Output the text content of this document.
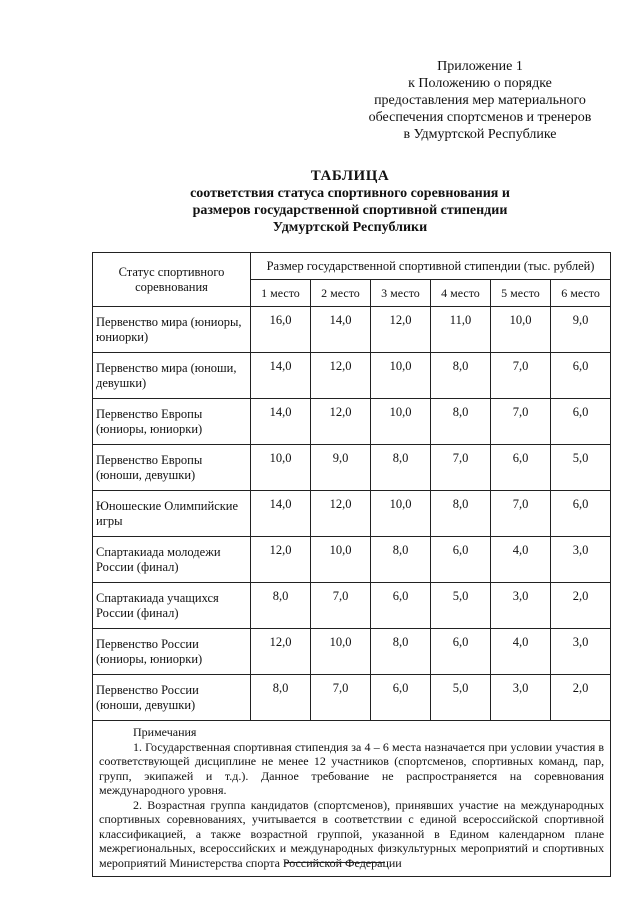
Приложение 1
к Положению о порядке
предоставления мер материального
обеспечения спортсменов и тренеров
в Удмуртской Республике
ТАБЛИЦА
соответствия статуса спортивного соревнования и
размеров государственной спортивной стипендии
Удмуртской Республики
Статус спортивного соревнования	Размер государственной спортивной стипендии (тыс. рублей)					
	1 место	2 место	3 место	4 место	5 место	6 место
Первенство мира (юниоры, юниорки)	16,0	14,0	12,0	11,0	10,0	9,0
Первенство мира (юноши, девушки)	14,0	12,0	10,0	8,0	7,0	6,0
Первенство Европы (юниоры, юниорки)	14,0	12,0	10,0	8,0	7,0	6,0
Первенство Европы (юноши, девушки)	10,0	9,0	8,0	7,0	6,0	5,0
Юношеские Олимпийские игры	14,0	12,0	10,0	8,0	7,0	6,0
Спартакиада молодежи России (финал)	12,0	10,0	8,0	6,0	4,0	3,0
Спартакиада учащихся России (финал)	8,0	7,0	6,0	5,0	3,0	2,0
Первенство России (юниоры, юниорки)	12,0	10,0	8,0	6,0	4,0	3,0
Первенство России (юноши, девушки)	8,0	7,0	6,0	5,0	3,0	2,0

Примечания
1. Государственная спортивная стипендия за 4 – 6 места назначается при условии участия в соответствующей дисциплине не менее 12 участников (спортсменов, спортивных команд, пар, групп, экипажей и т.д.). Данное требование не распространяется на соревнования международного уровня.
2. Возрастная группа кандидатов (спортсменов), принявших участие на международных спортивных соревнованиях, учитывается в соответствии с единой всероссийской спортивной классификацией, а также возрастной группой, указанной в Едином календарном плане межрегиональных, всероссийских и международных физкультурных мероприятий и спортивных мероприятий Министерства спорта Российской Федерации						
